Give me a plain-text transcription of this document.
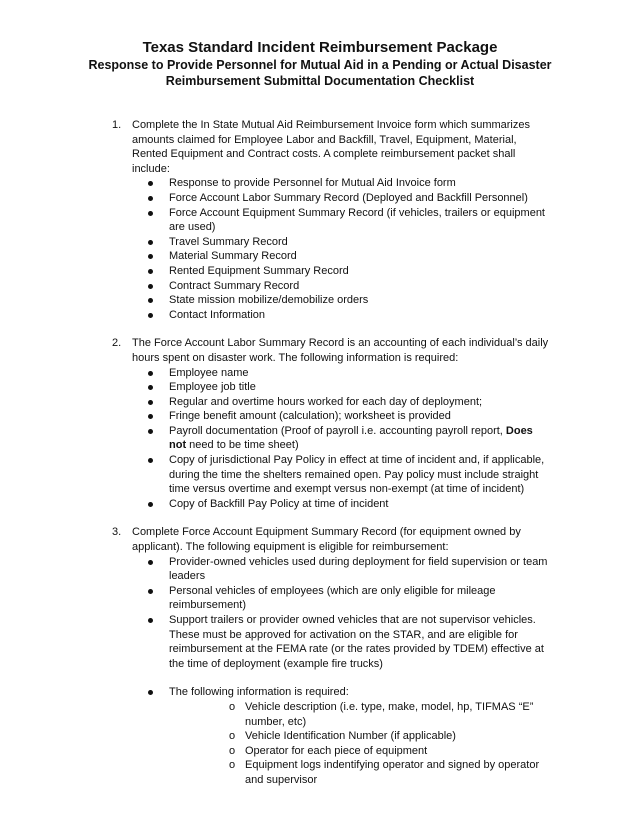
Texas Standard Incident Reimbursement Package
Response to Provide Personnel for Mutual Aid in a Pending or Actual Disaster
Reimbursement Submittal Documentation Checklist
1. Complete the In State Mutual Aid Reimbursement Invoice form which summarizes amounts claimed for Employee Labor and Backfill, Travel, Equipment, Material, Rented Equipment and Contract costs. A complete reimbursement packet shall include:
Response to provide Personnel for Mutual Aid Invoice form
Force Account Labor Summary Record (Deployed and Backfill Personnel)
Force Account Equipment Summary Record (if vehicles, trailers or equipment are used)
Travel Summary Record
Material Summary Record
Rented Equipment Summary Record
Contract Summary Record
State mission mobilize/demobilize orders
Contact Information
2. The Force Account Labor Summary Record is an accounting of each individual’s daily hours spent on disaster work. The following information is required:
Employee name
Employee job title
Regular and overtime hours worked for each day of deployment;
Fringe benefit amount (calculation); worksheet is provided
Payroll documentation (Proof of payroll i.e. accounting payroll report, Does not need to be time sheet)
Copy of jurisdictional Pay Policy in effect at time of incident and, if applicable, during the time the shelters remained open. Pay policy must include straight time versus overtime and exempt versus non-exempt (at time of incident)
Copy of Backfill Pay Policy at time of incident
3. Complete Force Account Equipment Summary Record (for equipment owned by applicant). The following equipment is eligible for reimbursement:
Provider-owned vehicles used during deployment for field supervision or team leaders
Personal vehicles of employees (which are only eligible for mileage reimbursement)
Support trailers or provider owned vehicles that are not supervisor vehicles. These must be approved for activation on the STAR, and are eligible for reimbursement at the FEMA rate (or the rates provided by TDEM) effective at the time of deployment (example fire trucks)
The following information is required:
o Vehicle description (i.e. type, make, model, hp, TIFMAS “E” number, etc)
o Vehicle Identification Number (if applicable)
o Operator for each piece of equipment
o Equipment logs indentifying operator and signed by operator and supervisor
